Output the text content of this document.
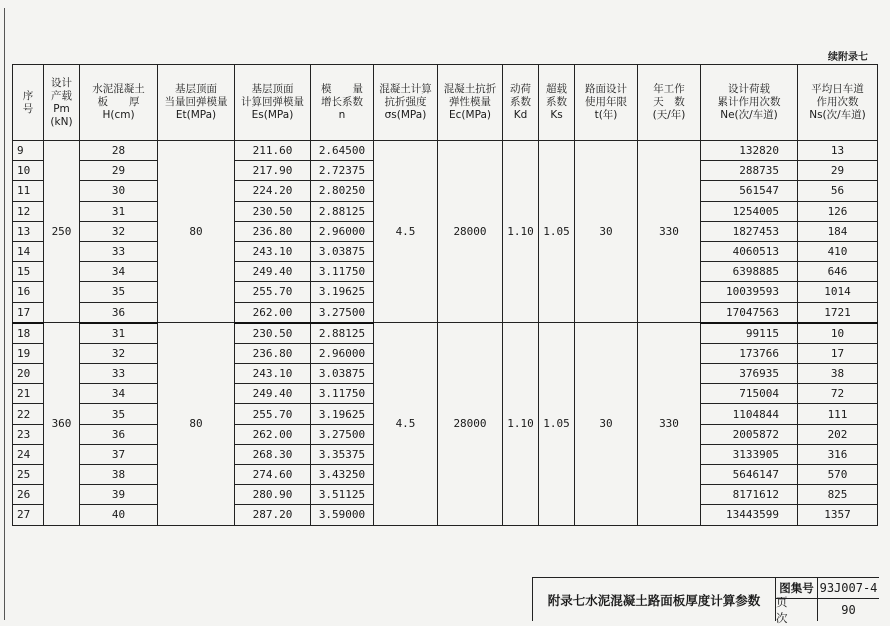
续附录七
序
号	设计
产载
Pm
(kN)	水泥混凝土
板　　厚
H(cm)	基层顶面
当量回弹模量
Et(MPa)	基层顶面
计算回弹模量
Es(MPa)	模　　量
增长系数
n	混凝土计算
抗折强度
σs(MPa)	混凝土抗折
弹性模量
Ec(MPa)	动荷
系数
Kd	超载
系数
Ks	路面设计
使用年限
t(年)	年工作
天　数
(天/年)	设计荷载
累计作用次数
Ne(次/车道)	平均日车道
作用次数
Ns(次/车道)

9	250	28	80	211.60	2.64500	4.5	28000	1.10	1.05	30	330	132820	13
10		29		217.90	2.72375							288735	29
11		30		224.20	2.80250							561547	56
12		31		230.50	2.88125							1254005	126
13		32		236.80	2.96000							1827453	184
14		33		243.10	3.03875							4060513	410
15		34		249.40	3.11750							6398885	646
16		35		255.70	3.19625							10039593	1014
17		36		262.00	3.27500							17047563	1721
18	360	31	80	230.50	2.88125	4.5	28000	1.10	1.05	30	330	99115	10
19		32		236.80	2.96000							173766	17
20		33		243.10	3.03875							376935	38
21		34		249.40	3.11750							715004	72
22		35		255.70	3.19625							1104844	111
23		36		262.00	3.27500							2005872	202
24		37		268.30	3.35375							3133905	316
25		38		274.60	3.43250							5646147	570
26		39		280.90	3.51125							8171612	825
27		40		287.20	3.59000							13443599	1357
附录七水泥混凝土路面板厚度计算参数
图集号 93J007-4
页次
90
